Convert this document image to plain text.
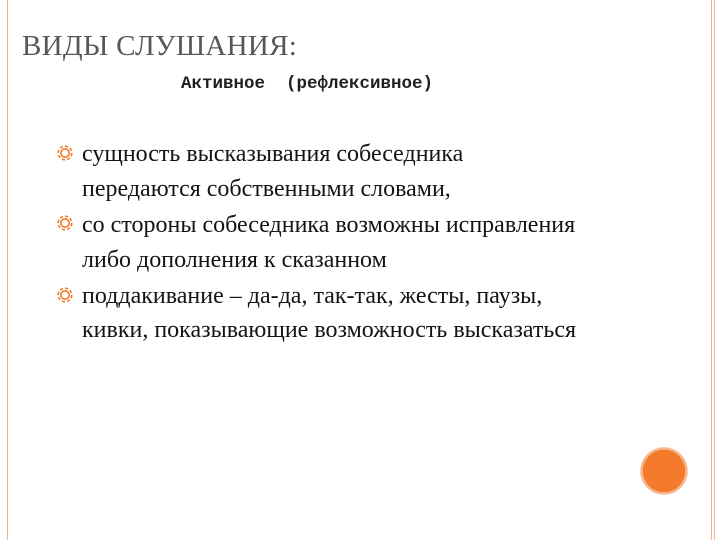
ВИДЫ СЛУШАНИЯ:
Активное  (рефлексивное)
сущность высказывания собеседника
передаются собственными словами,
со стороны собеседника возможны исправления
либо дополнения к сказанном
поддакивание – да-да, так-так, жесты, паузы,
кивки, показывающие возможность высказаться
